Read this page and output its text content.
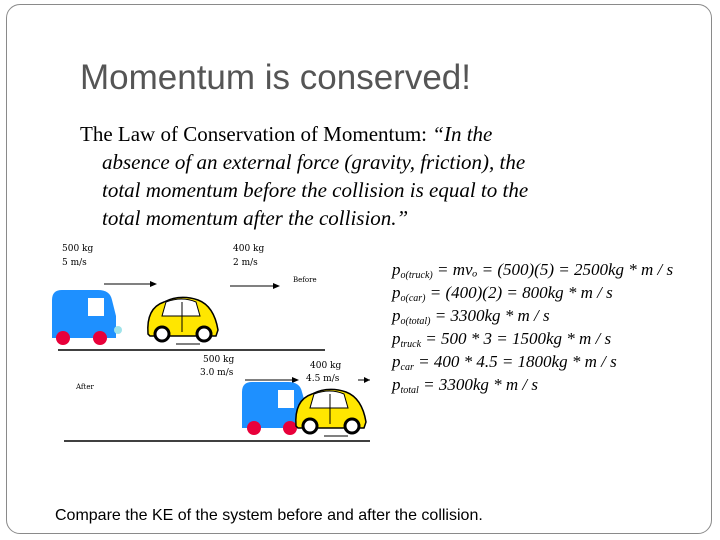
Momentum is conserved!
The Law of Conservation of Momentum: “In the
absence of an external force (gravity, friction), the
total momentum before the collision is equal to the
total momentum after the collision.”
500 kg
5 m/s
400 kg
2 m/s
Before
500 kg
3.0 m/s
400 kg
4.5 m/s
After
$p_{o(truck)} = mv_o = (500)(5) = 2500kg * m / s$
$p_{o(car)} = (400)(2) = 800kg * m / s$
$p_{o(total)} = 3300kg * m / s$
$p_{truck} = 500 * 3 = 1500kg * m / s$
$p_{car} = 400 * 4.5 = 1800kg * m / s$
$p_{total} = 3300kg * m / s$
Compare the KE of the system before and after the collision.
